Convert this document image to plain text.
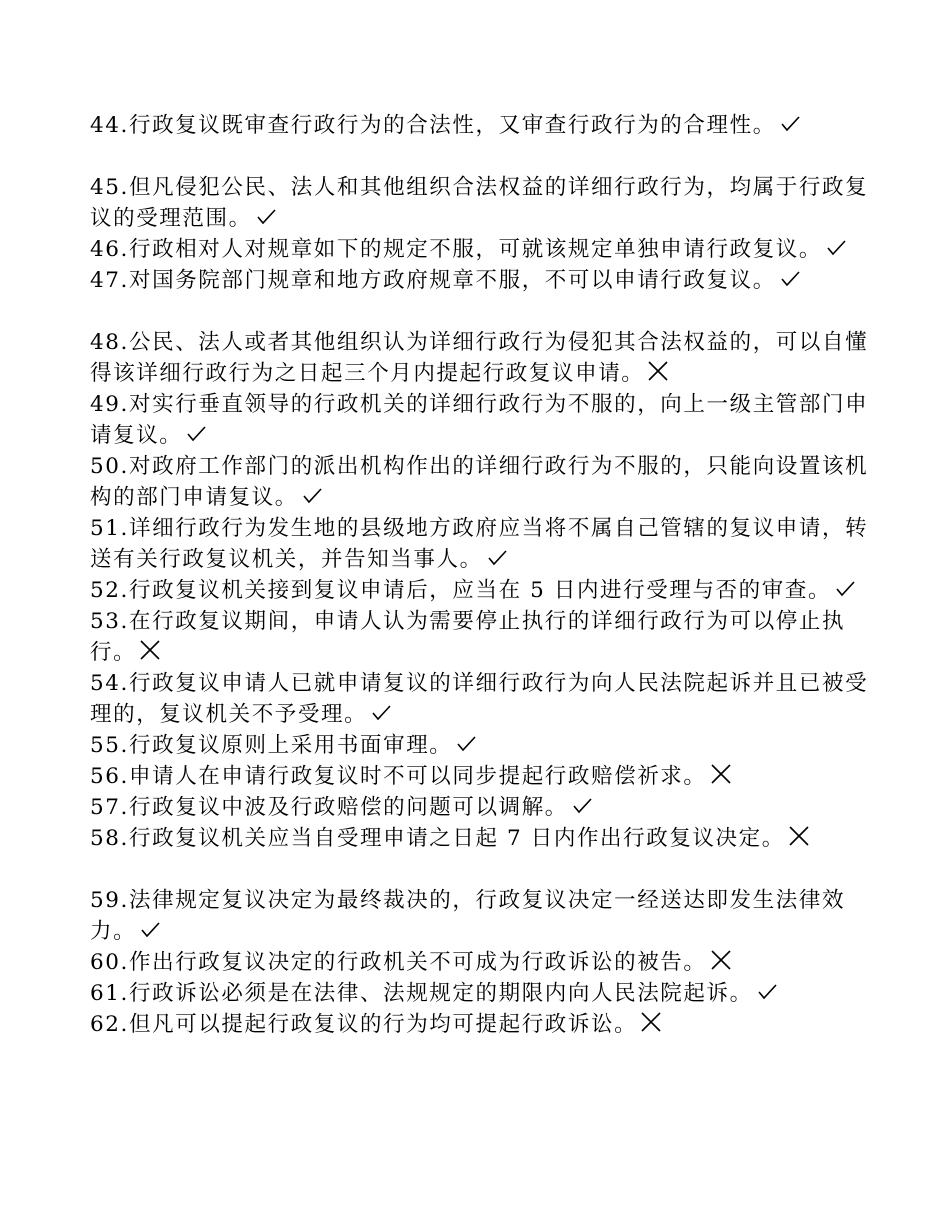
44.行政复议既审查行政行为的合法性，又审查行政行为的合理性。

45.但凡侵犯公民、法人和其他组织合法权益的详细行政行为，均属于行政复议的受理范围。

46.行政相对人对规章如下的规定不服，可就该规定单独申请行政复议。

47.对国务院部门规章和地方政府规章不服，不可以申请行政复议。

48.公民、法人或者其他组织认为详细行政行为侵犯其合法权益的，可以自懂得该详细行政行为之日起三个月内提起行政复议申请。

49.对实行垂直领导的行政机关的详细行政行为不服的，向上一级主管部门申请复议。

50.对政府工作部门的派出机构作出的详细行政行为不服的，只能向设置该机构的部门申请复议。

51.详细行政行为发生地的县级地方政府应当将不属自己管辖的复议申请，转送有关行政复议机关，并告知当事人。

52.行政复议机关接到复议申请后，应当在 5 日内进行受理与否的审查。

53.在行政复议期间，申请人认为需要停止执行的详细行政行为可以停止执行。

54.行政复议申请人已就申请复议的详细行政行为向人民法院起诉并且已被受理的，复议机关不予受理。

55.行政复议原则上采用书面审理。

56.申请人在申请行政复议时不可以同步提起行政赔偿祈求。

57.行政复议中波及行政赔偿的问题可以调解。

58.行政复议机关应当自受理申请之日起 7 日内作出行政复议决定。

59.法律规定复议决定为最终裁决的，行政复议决定一经送达即发生法律效力。

60.作出行政复议决定的行政机关不可成为行政诉讼的被告。

61.行政诉讼必须是在法律、法规规定的期限内向人民法院起诉。

62.但凡可以提起行政复议的行为均可提起行政诉讼。
